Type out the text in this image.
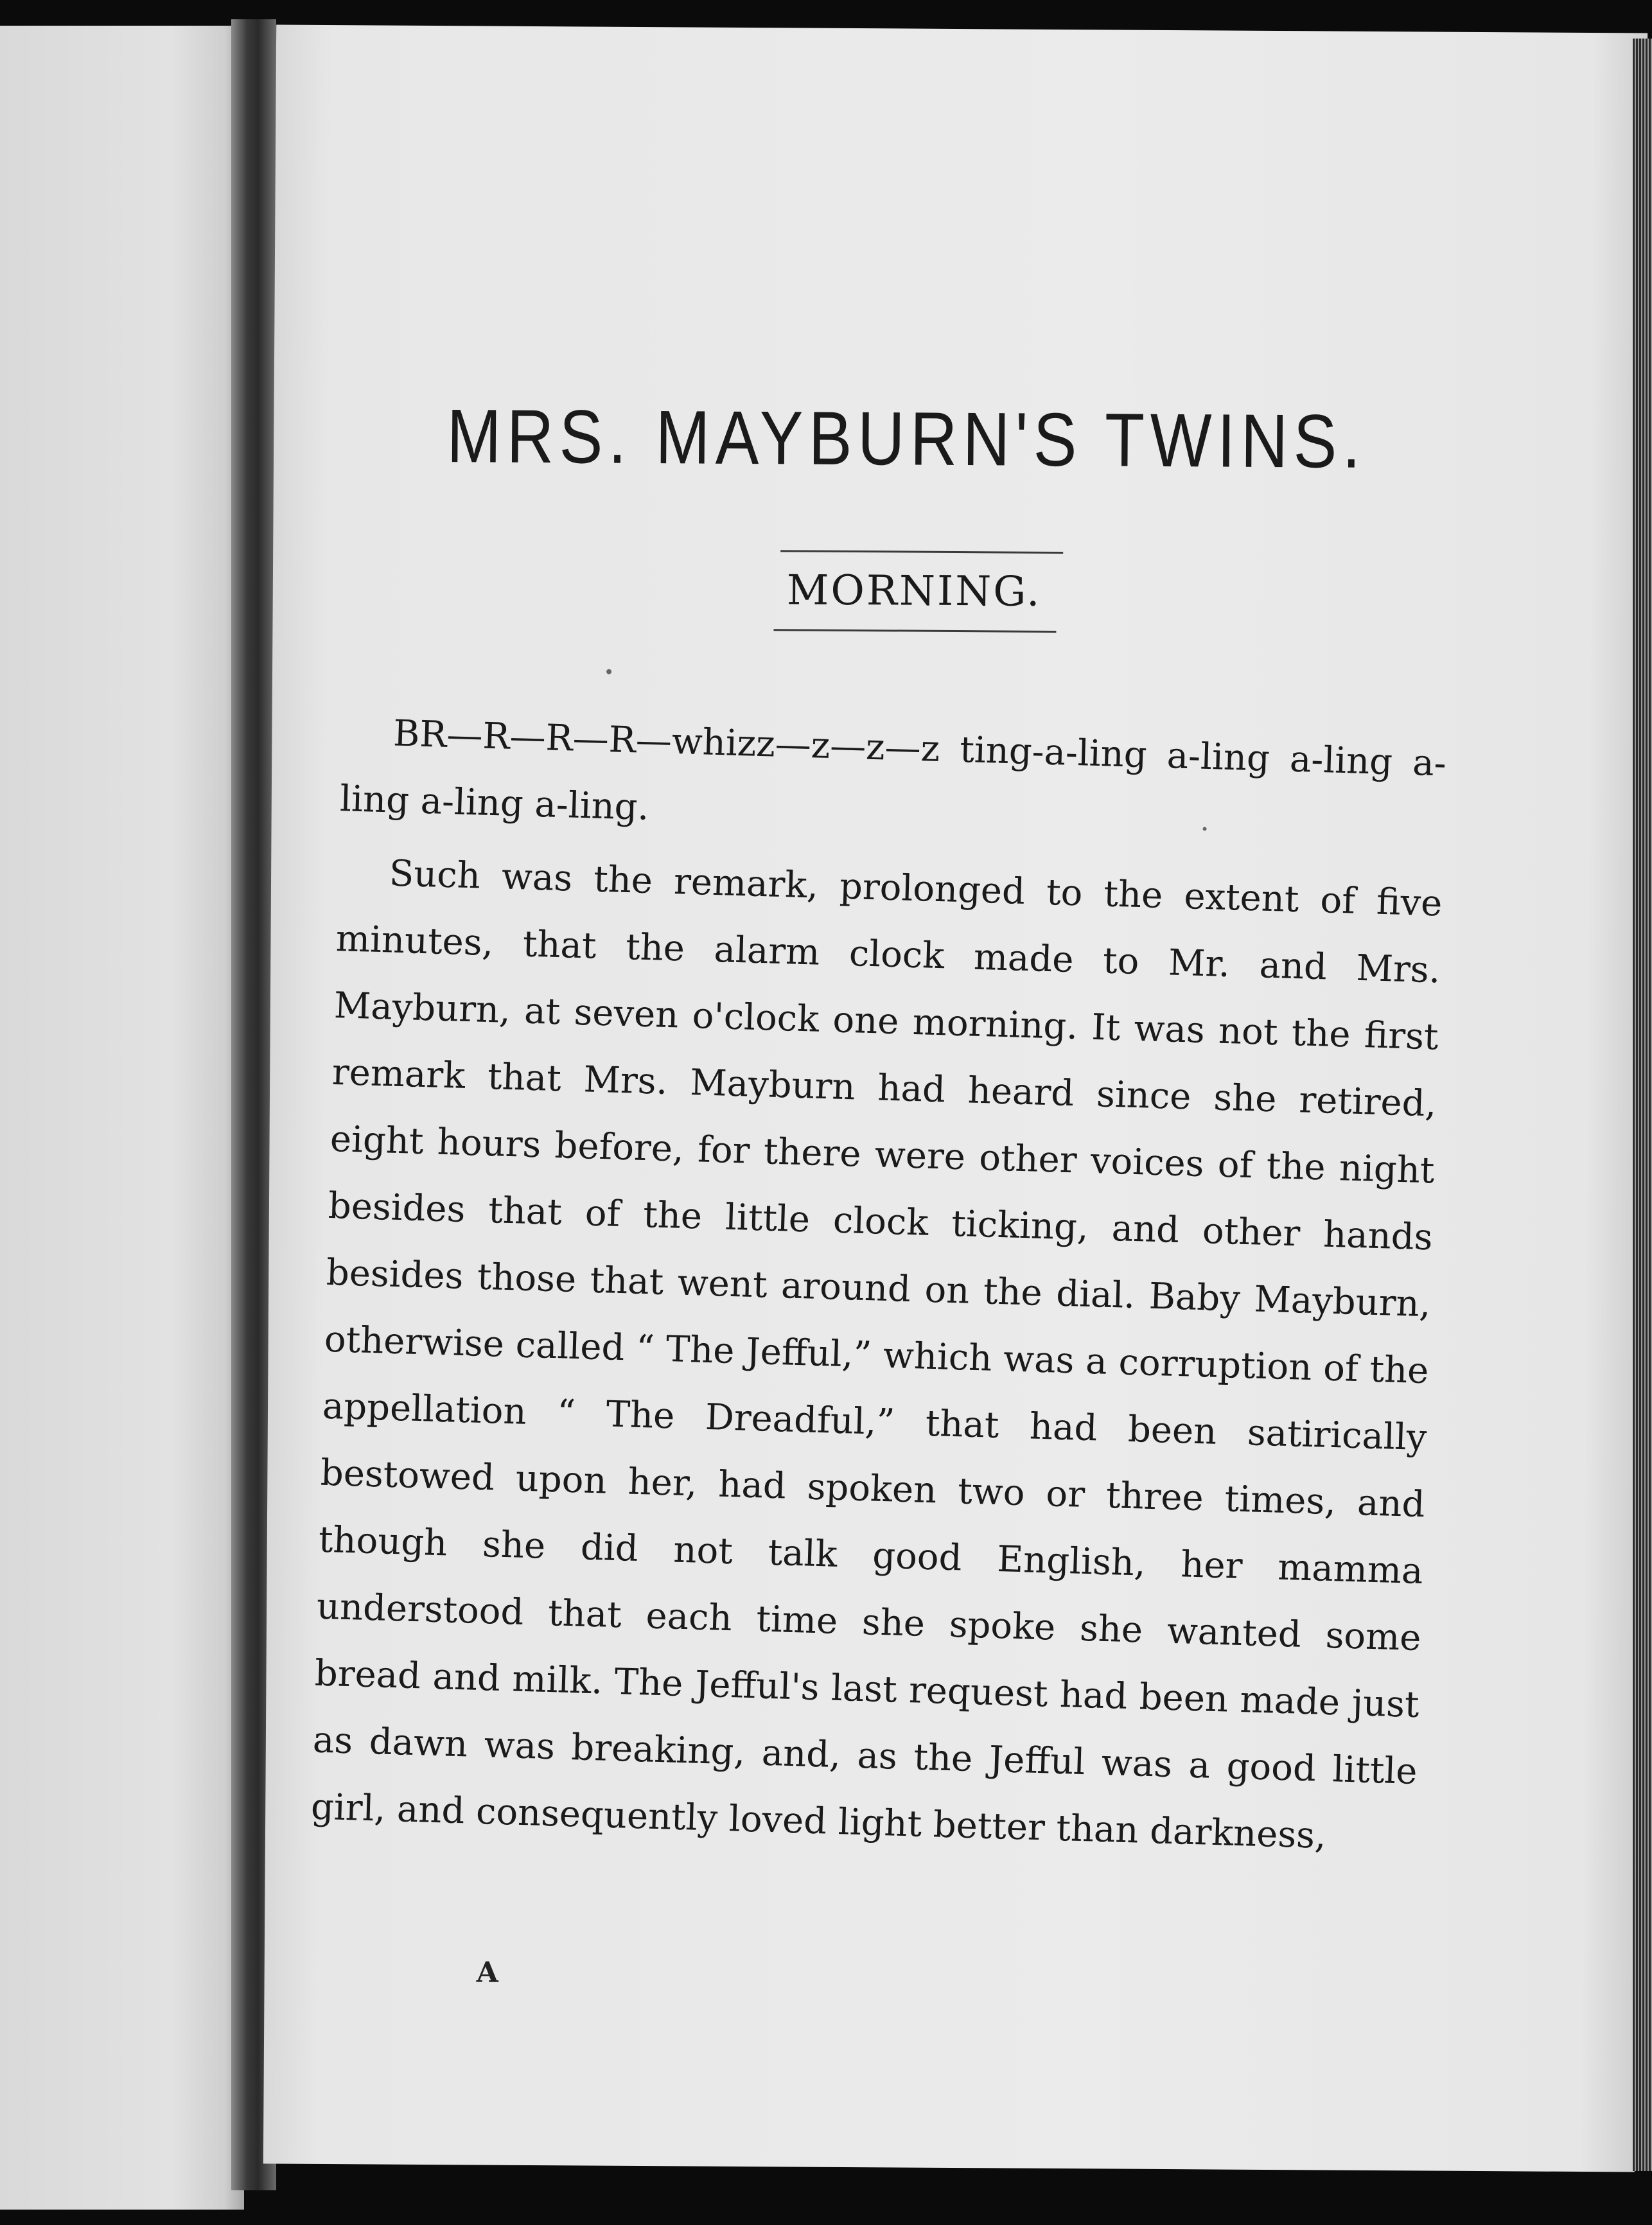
MRS. MAYBURN'S TWINS.
MORNING.

BR—R—R—R—whizz—z—z—z ting-a-ling a-ling a-ling a-ling a-ling a-ling.

Such was the remark, prolonged to the extent of five minutes, that the alarm clock made to Mr. and Mrs. Mayburn, at seven o'clock one morning. It was not the first remark that Mrs. Mayburn had heard since she retired, eight hours before, for there were other voices of the night besides that of the little clock ticking, and other hands besides those that went around on the dial. Baby Mayburn, otherwise called “ The Jefful,” which was a corruption of the appellation “ The Dreadful,” that had been satirically bestowed upon her, had spoken two or three times, and though she did not talk good English, her mamma understood that each time she spoke she wanted some bread and milk. The Jefful's last request had been made just as dawn was breaking, and, as the Jefful was a good little girl, and consequently loved light better than darkness,

A
